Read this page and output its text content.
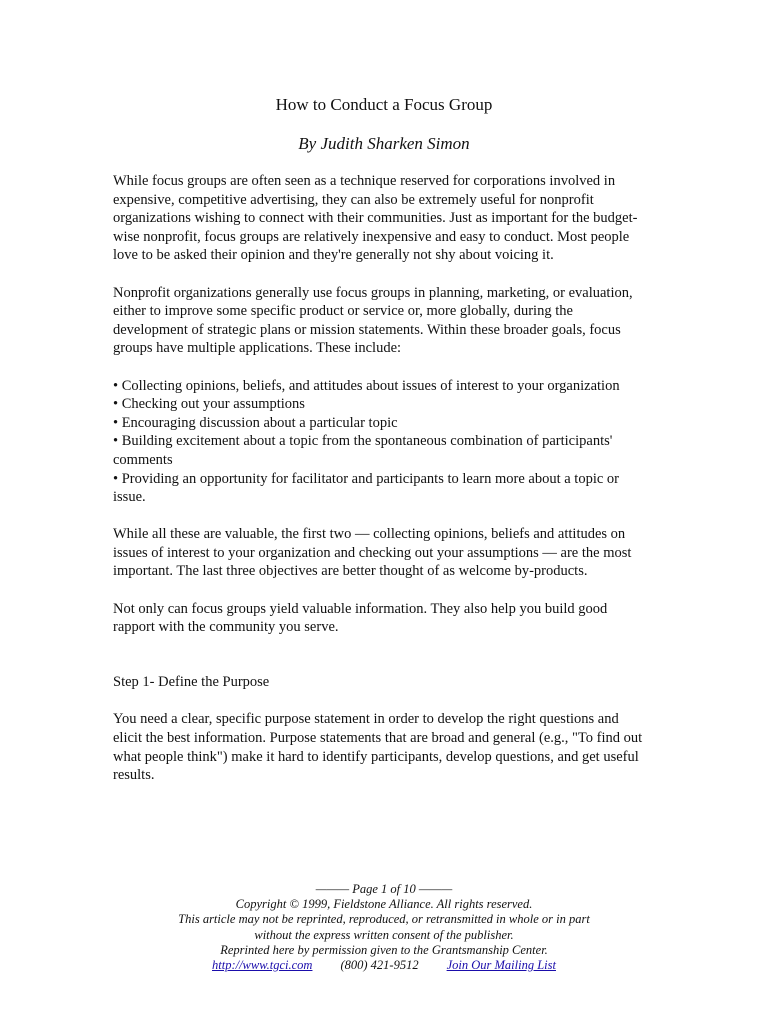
How to Conduct a Focus Group
By Judith Sharken Simon

While focus groups are often seen as a technique reserved for corporations involved in expensive, competitive advertising, they can also be extremely useful for nonprofit organizations wishing to connect with their communities. Just as important for the budget-wise nonprofit, focus groups are relatively inexpensive and easy to conduct. Most people love to be asked their opinion and they're generally not shy about voicing it.

Nonprofit organizations generally use focus groups in planning, marketing, or evaluation, either to improve some specific product or service or, more globally, during the development of strategic plans or mission statements. Within these broader goals, focus groups have multiple applications. These include:

• Collecting opinions, beliefs, and attitudes about issues of interest to your organization
• Checking out your assumptions
• Encouraging discussion about a particular topic
• Building excitement about a topic from the spontaneous combination of participants' comments
• Providing an opportunity for facilitator and participants to learn more about a topic or issue.

While all these are valuable, the first two — collecting opinions, beliefs and attitudes on issues of interest to your organization and checking out your assumptions — are the most important. The last three objectives are better thought of as welcome by-products.

Not only can focus groups yield valuable information. They also help you build good rapport with the community you serve.

Step 1- Define the Purpose

You need a clear, specific purpose statement in order to develop the right questions and elicit the best information. Purpose statements that are broad and general (e.g., "To find out what people think") make it hard to identify participants, develop questions, and get useful results.

——— Page 1 of 10 ———
Copyright © 1999, Fieldstone Alliance. All rights reserved.
This article may not be reprinted, reproduced, or retransmitted in whole or in part
without the express written consent of the publisher.
Reprinted here by permission given to the Grantsmanship Center.
http://www.tgci.com (800) 421-9512 Join Our Mailing List
